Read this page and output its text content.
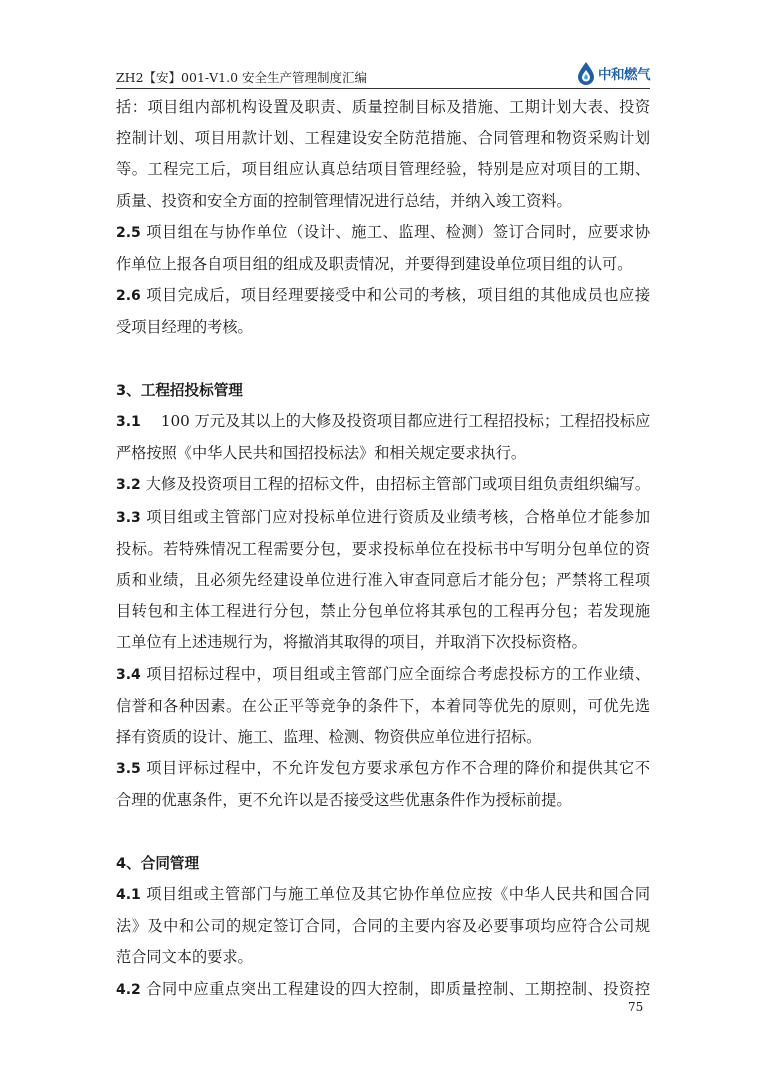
ZH2【安】001-V1.0 安全生产管理制度汇编	中和燃气

括：项目组内部机构设置及职责、质量控制目标及措施、工期计划大表、投资

控制计划、项目用款计划、工程建设安全防范措施、合同管理和物资采购计划

等。工程完工后，项目组应认真总结项目管理经验，特别是应对项目的工期、

质量、投资和安全方面的控制管理情况进行总结，并纳入竣工资料。

2.5 项目组在与协作单位（设计、施工、监理、检测）签订合同时，应要求协

作单位上报各自项目组的组成及职责情况，并要得到建设单位项目组的认可。

2.6 项目完成后，项目经理要接受中和公司的考核，项目组的其他成员也应接

受项目经理的考核。

3、工程招投标管理

3.1 　100 万元及其以上的大修及投资项目都应进行工程招投标；工程招投标应

严格按照《中华人民共和国招投标法》和相关规定要求执行。

3.2 大修及投资项目工程的招标文件，由招标主管部门或项目组负责组织编写。

3.3 项目组或主管部门应对投标单位进行资质及业绩考核，合格单位才能参加

投标。若特殊情况工程需要分包，要求投标单位在投标书中写明分包单位的资

质和业绩，且必须先经建设单位进行准入审查同意后才能分包；严禁将工程项

目转包和主体工程进行分包，禁止分包单位将其承包的工程再分包；若发现施

工单位有上述违规行为，将撤消其取得的项目，并取消下次投标资格。

3.4 项目招标过程中，项目组或主管部门应全面综合考虑投标方的工作业绩、

信誉和各种因素。在公正平等竞争的条件下，本着同等优先的原则，可优先选

择有资质的设计、施工、监理、检测、物资供应单位进行招标。

3.5 项目评标过程中，不允许发包方要求承包方作不合理的降价和提供其它不

合理的优惠条件，更不允许以是否接受这些优惠条件作为授标前提。

4、合同管理

4.1 项目组或主管部门与施工单位及其它协作单位应按《中华人民共和国合同

法》及中和公司的规定签订合同，合同的主要内容及必要事项均应符合公司规

范合同文本的要求。

4.2 合同中应重点突出工程建设的四大控制，即质量控制、工期控制、投资控

75
